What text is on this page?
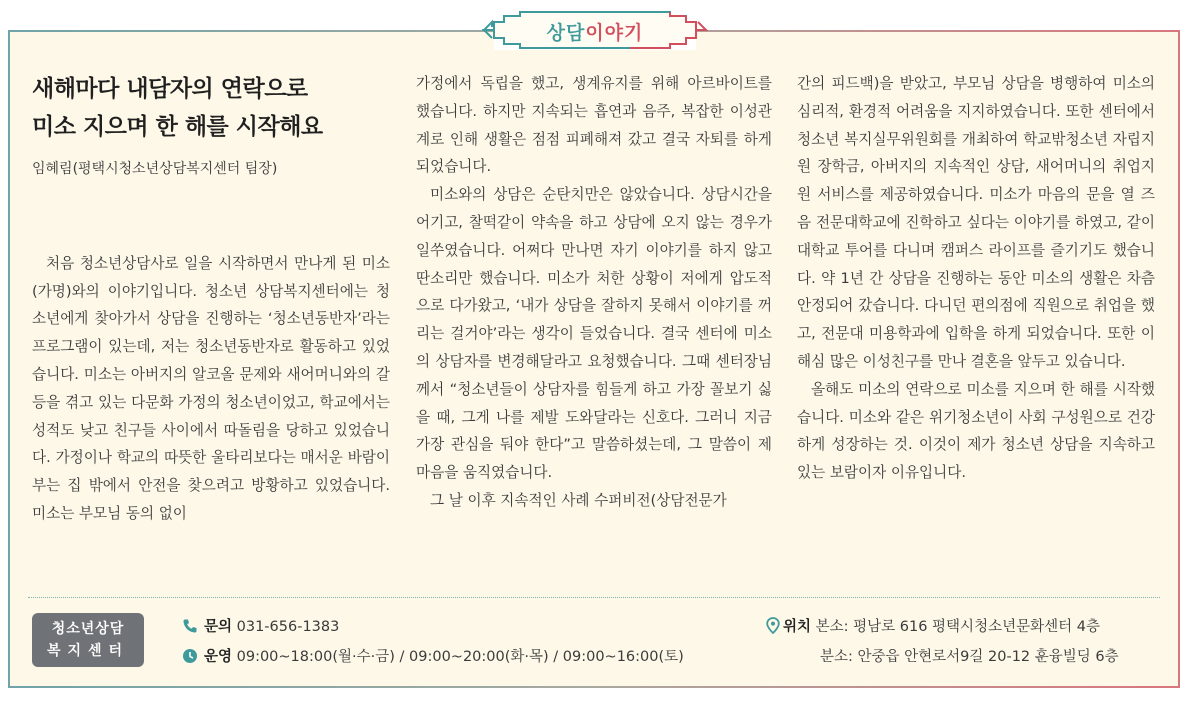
상담이야기
새해마다 내담자의 연락으로
미소 지으며 한 해를 시작해요
임혜림(평택시청소년상담복지센터 팀장)

처음 청소년상담사로 일을 시작하면서 만나게 된 미소(가명)와의 이야기입니다. 청소년 상담복지센터에는 청소년에게 찾아가서 상담을 진행하는 ‘청소년동반자’라는 프로그램이 있는데, 저는 청소년동반자로 활동하고 있었습니다. 미소는 아버지의 알코올 문제와 새어머니와의 갈등을 겪고 있는 다문화 가정의 청소년이었고, 학교에서는 성적도 낮고 친구들 사이에서 따돌림을 당하고 있었습니다. 가정이나 학교의 따뜻한 울타리보다는 매서운 바람이 부는 집 밖에서 안전을 찾으려고 방황하고 있었습니다. 미소는 부모님 동의 없이

가정에서 독립을 했고, 생계유지를 위해 아르바이트를 했습니다. 하지만 지속되는 흡연과 음주, 복잡한 이성관계로 인해 생활은 점점 피폐해져 갔고 결국 자퇴를 하게 되었습니다.

미소와의 상담은 순탄치만은 않았습니다. 상담시간을 어기고, 찰떡같이 약속을 하고 상담에 오지 않는 경우가 일쑤였습니다. 어쩌다 만나면 자기 이야기를 하지 않고 딴소리만 했습니다. 미소가 처한 상황이 저에게 압도적으로 다가왔고, ‘내가 상담을 잘하지 못해서 이야기를 꺼리는 걸거야’라는 생각이 들었습니다. 결국 센터에 미소의 상담자를 변경해달라고 요청했습니다. 그때 센터장님께서 “청소년들이 상담자를 힘들게 하고 가장 꼴보기 싫을 때, 그게 나를 제발 도와달라는 신호다. 그러니 지금 가장 관심을 둬야 한다”고 말씀하셨는데, 그 말씀이 제 마음을 움직였습니다.

그 날 이후 지속적인 사례 수퍼비전(상담전문가

간의 피드백)을 받았고, 부모님 상담을 병행하여 미소의 심리적, 환경적 어려움을 지지하였습니다. 또한 센터에서 청소년 복지실무위원회를 개최하여 학교밖청소년 자립지원 장학금, 아버지의 지속적인 상담, 새어머니의 취업지원 서비스를 제공하였습니다. 미소가 마음의 문을 열 즈음 전문대학교에 진학하고 싶다는 이야기를 하였고, 같이 대학교 투어를 다니며 캠퍼스 라이프를 즐기기도 했습니다. 약 1년 간 상담을 진행하는 동안 미소의 생활은 차츰 안정되어 갔습니다. 다니던 편의점에 직원으로 취업을 했고, 전문대 미용학과에 입학을 하게 되었습니다. 또한 이해심 많은 이성친구를 만나 결혼을 앞두고 있습니다.

올해도 미소의 연락으로 미소를 지으며 한 해를 시작했습니다. 미소와 같은 위기청소년이 사회 구성원으로 건강하게 성장하는 것. 이것이 제가 청소년 상담을 지속하고 있는 보람이자 이유입니다.

청소년상담
복지센터
문의 031-656-1383
운영 09:00~18:00(월·수·금) / 09:00~20:00(화·목) / 09:00~16:00(토)
위치 본소: 평남로 616 평택시청소년문화센터 4층
분소: 안중읍 안현로서9길 20-12 훈융빌딩 6층
